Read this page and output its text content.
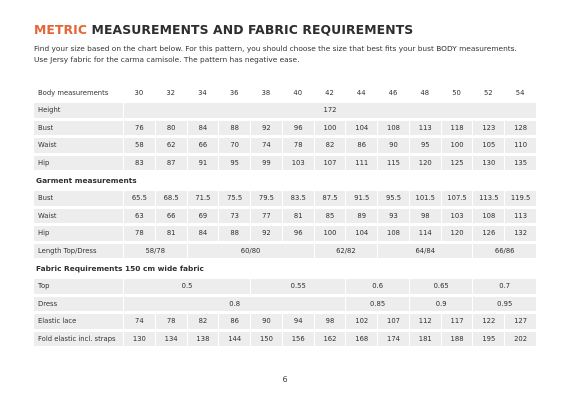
METRIC MEASUREMENTS AND FABRIC REQUIREMENTS
Find your size based on the chart below. For this pattern, you should choose the size that best fits your bust BODY measurements.
Use Jersy fabric for the carma camisole. The pattern has negative ease.
Body measurements	30	32	34	36	38	40	42	44	46	48	50	52	54

Height	172												

Bust	76	80	84	88	92	96	100	104	108	113	118	123	128

Waist	58	62	66	70	74	78	82	86	90	95	100	105	110

Hip	83	87	91	95	99	103	107	111	115	120	125	130	135

Garment measurements													

Bust	65.5	68.5	71.5	75.5	79.5	83.5	87.5	91.5	95.5	101.5	107.5	113.5	119.5

Waist	63	66	69	73	77	81	85	89	93	98	103	108	113

Hip	78	81	84	88	92	96	100	104	108	114	120	126	132

Length Top/Dress	58/78		60/80				62/82		64/84			66/86	

Fabric Requirements 150 cm wide fabric													

Top	0.5				0.55			0.6		0.65		0.7	

Dress	0.8							0.85		0.9		0.95	

Elastic lace	74	78	82	86	90	94	98	102	107	112	117	122	127

Fold elastic incl. straps	130	134	138	144	150	156	162	168	174	181	188	195	202
6
